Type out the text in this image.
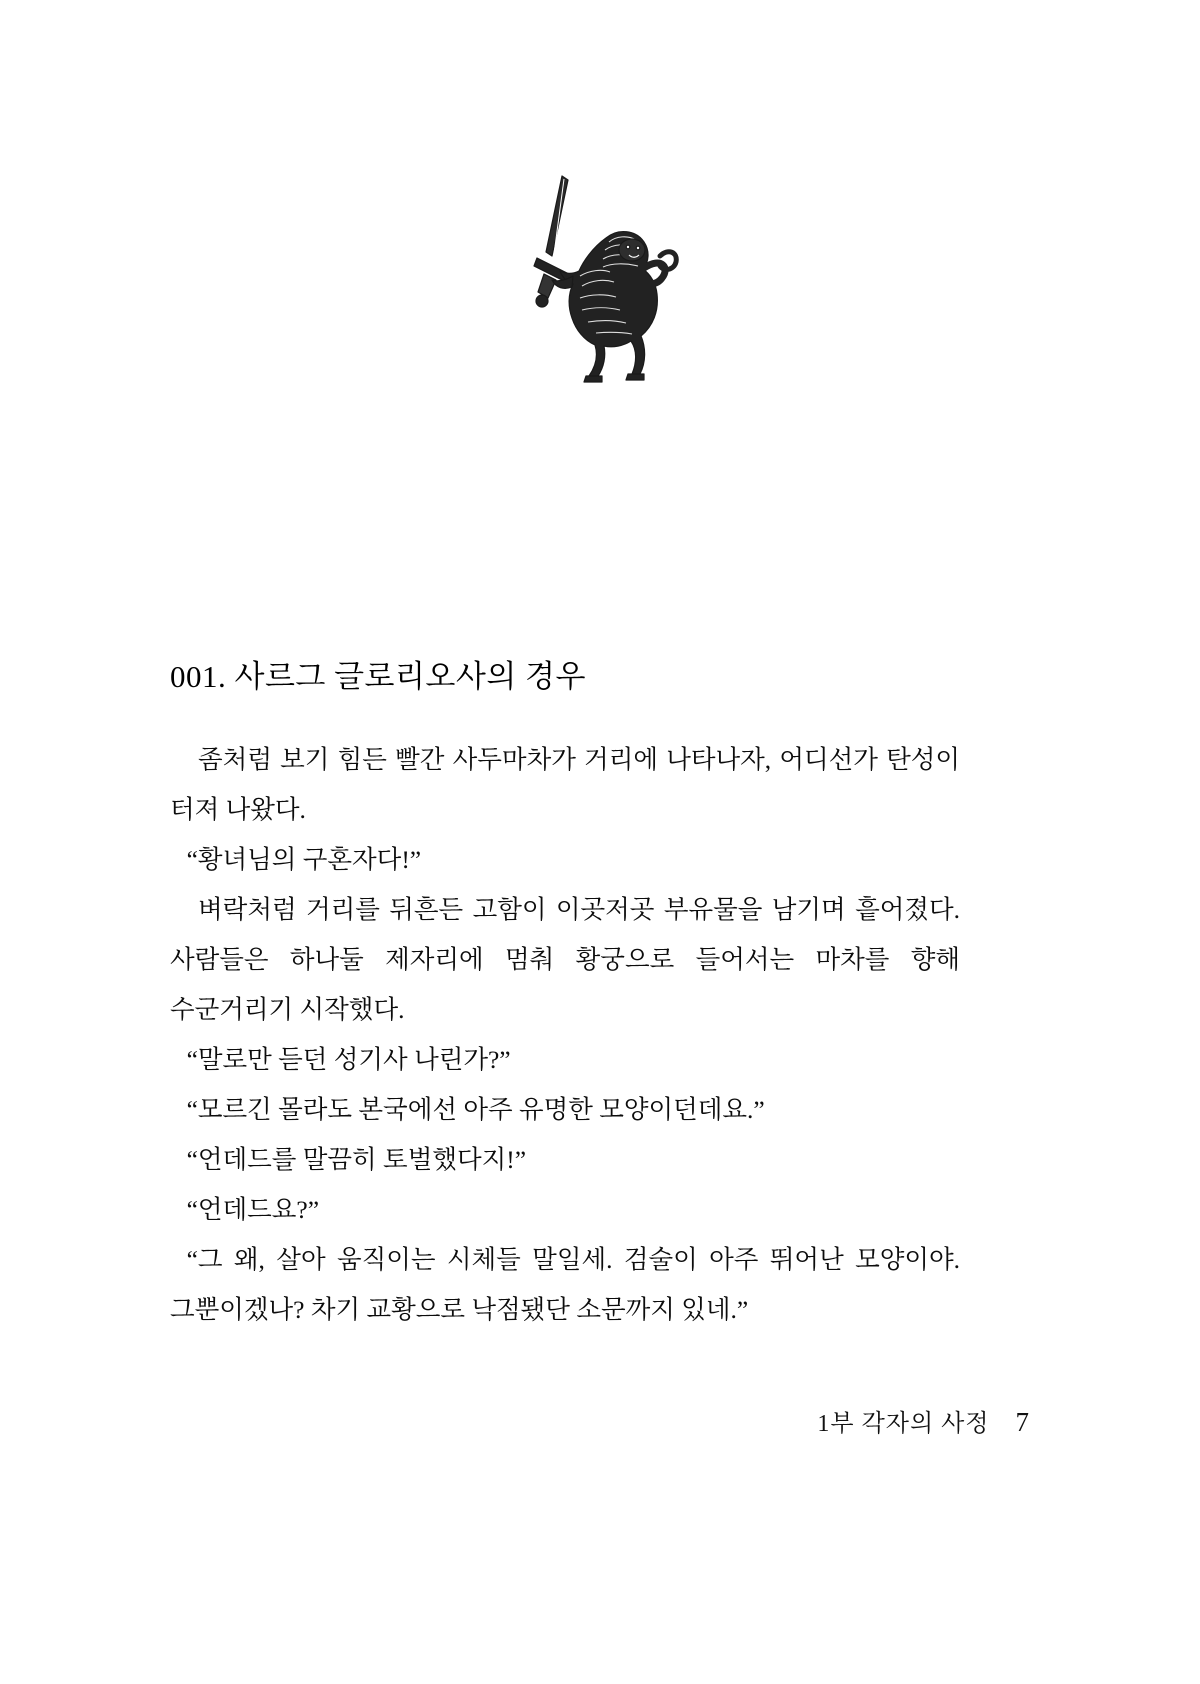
001. 사르그 글로리오사의 경우

좀처럼 보기 힘든 빨간 사두마차가 거리에 나타나자, 어디선가 탄성이 터져 나왔다.

“황녀님의 구혼자다!”

벼락처럼 거리를 뒤흔든 고함이 이곳저곳 부유물을 남기며 흩어졌다. 사람들은 하나둘 제자리에 멈춰 황궁으로 들어서는 마차를 향해 수군거리기 시작했다.

“말로만 듣던 성기사 나린가?”

“모르긴 몰라도 본국에선 아주 유명한 모양이던데요.”

“언데드를 말끔히 토벌했다지!”

“언데드요?”

“그 왜, 살아 움직이는 시체들 말일세. 검술이 아주 뛰어난 모양이야. 그뿐이겠나? 차기 교황으로 낙점됐단 소문까지 있네.”

1부 각자의 사정 7
